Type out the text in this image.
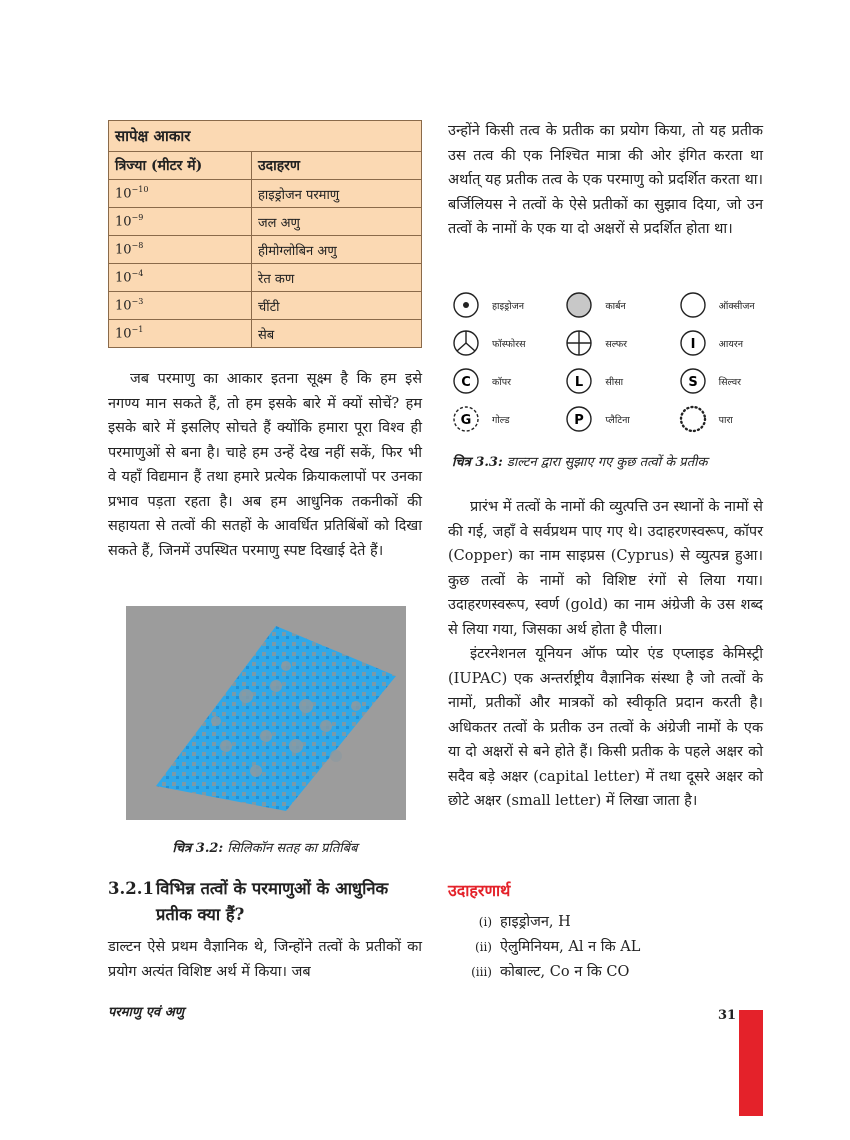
सापेक्ष आकार	
त्रिज्या (मीटर में)	उदाहरण
$10^{-10}$	हाइड्रोजन परमाणु
$10^{-9}$	जल अणु
$10^{-8}$	हीमोग्लोबिन अणु
$10^{-4}$	रेत कण
$10^{-3}$	चींटी
$10^{-1}$	सेब

जब परमाणु का आकार इतना सूक्ष्म है कि हम इसे नगण्य मान सकते हैं, तो हम इसके बारे में क्यों सोचें? हम इसके बारे में इसलिए सोचते हैं क्योंकि हमारा पूरा विश्व ही परमाणुओं से बना है। चाहे हम उन्हें देख नहीं सकें, फिर भी वे यहाँ विद्यमान हैं तथा हमारे प्रत्येक क्रियाकलापों पर उनका प्रभाव पड़ता रहता है। अब हम आधुनिक तकनीकों की सहायता से तत्वों की सतहों के आवर्धित प्रतिबिंबों को दिखा सकते हैं, जिनमें उपस्थित परमाणु स्पष्ट दिखाई देते हैं।

चित्र 3.2: सिलिकॉन सतह का प्रतिबिंब
3.2.1 विभिन्न तत्वों के परमाणुओं के आधुनिक प्रतीक क्या हैं?

डाल्टन ऐसे प्रथम वैज्ञानिक थे, जिन्होंने तत्वों के प्रतीकों का प्रयोग अत्यंत विशिष्ट अर्थ में किया। जब

उन्होंने किसी तत्व के प्रतीक का प्रयोग किया, तो यह प्रतीक उस तत्व की एक निश्चित मात्रा की ओर इंगित करता था अर्थात् यह प्रतीक तत्व के एक परमाणु को प्रदर्शित करता था। बर्जिलियस ने तत्वों के ऐसे प्रतीकों का सुझाव दिया, जो उन तत्वों के नामों के एक या दो अक्षरों से प्रदर्शित होता था।

हाइड्रोजन	कार्बन	ऑक्सीजन
फॉस्फोरस	सल्फर	I आयरन
C कॉपर	L सीसा	S सिल्वर
G गोल्ड	P प्लैटिना	पारा
चित्र 3.3: डाल्टन द्वारा सुझाए गए कुछ तत्वों के प्रतीक

प्रारंभ में तत्वों के नामों की व्युत्पत्ति उन स्थानों के नामों से की गई, जहाँ वे सर्वप्रथम पाए गए थे। उदाहरणस्वरूप, कॉपर (Copper) का नाम साइप्रस (Cyprus) से व्युत्पन्न हुआ। कुछ तत्वों के नामों को विशिष्ट रंगों से लिया गया। उदाहरणस्वरूप, स्वर्ण (gold) का नाम अंग्रेजी के उस शब्द से लिया गया, जिसका अर्थ होता है पीला।

इंटरनेशनल यूनियन ऑफ प्योर एंड एप्लाइड केमिस्ट्री (IUPAC) एक अन्तर्राष्ट्रीय वैज्ञानिक संस्था है जो तत्वों के नामों, प्रतीकों और मात्रकों को स्वीकृति प्रदान करती है। अधिकतर तत्वों के प्रतीक उन तत्वों के अंग्रेजी नामों के एक या दो अक्षरों से बने होते हैं। किसी प्रतीक के पहले अक्षर को सदैव बड़े अक्षर (capital letter) में तथा दूसरे अक्षर को छोटे अक्षर (small letter) में लिखा जाता है।

उदाहरणार्थ
(i) हाइड्रोजन, H
(ii) ऐलुमिनियम, Al न कि AL
(iii) कोबाल्ट, Co न कि CO
परमाणु एवं अणु	31
